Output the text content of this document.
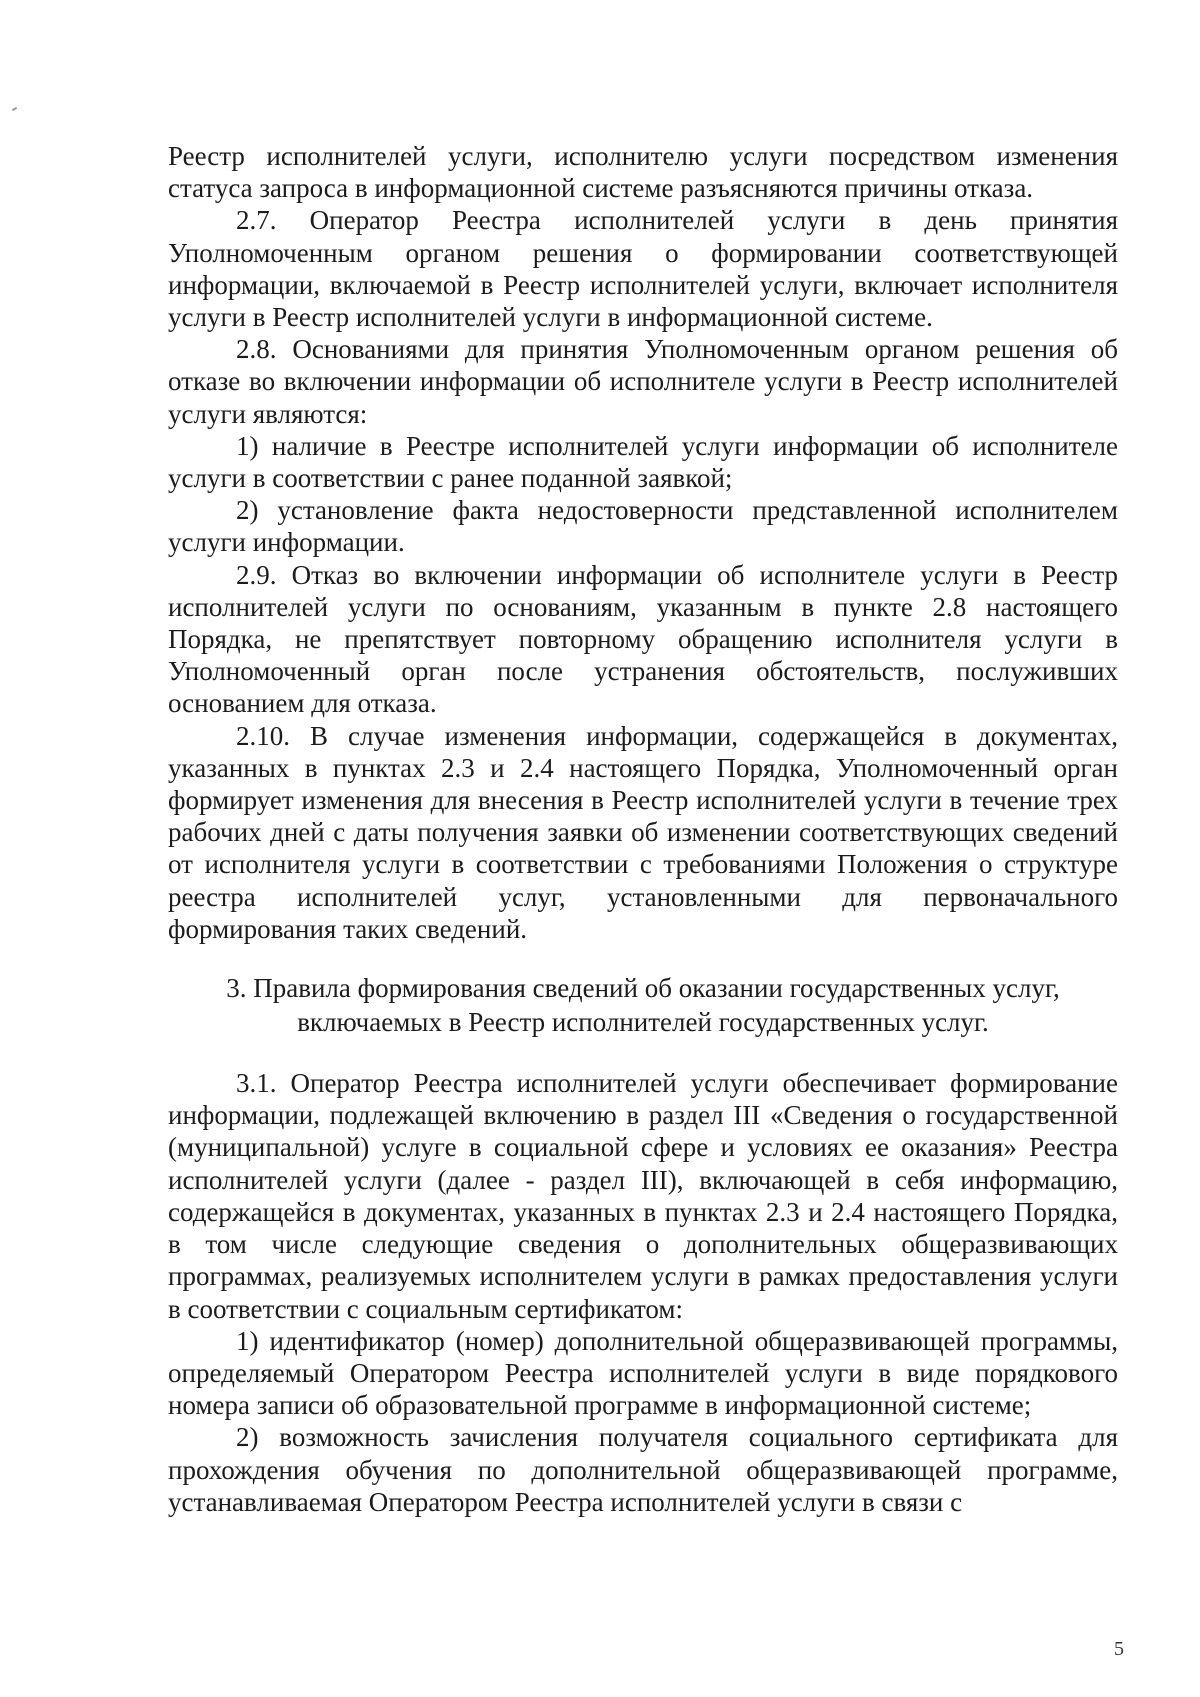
Реестр исполнителей услуги, исполнителю услуги посредством изменения статуса запроса в информационной системе разъясняются причины отказа.

2.7. Оператор Реестра исполнителей услуги в день принятия Уполномоченным органом решения о формировании соответствующей информации, включаемой в Реестр исполнителей услуги, включает исполнителя услуги в Реестр исполнителей услуги в информационной системе.

2.8. Основаниями для принятия Уполномоченным органом решения об отказе во включении информации об исполнителе услуги в Реестр исполнителей услуги являются:

1) наличие в Реестре исполнителей услуги информации об исполнителе услуги в соответствии с ранее поданной заявкой;

2) установление факта недостоверности представленной исполнителем услуги информации.

2.9. Отказ во включении информации об исполнителе услуги в Реестр исполнителей услуги по основаниям, указанным в пункте 2.8 настоящего Порядка, не препятствует повторному обращению исполнителя услуги в Уполномоченный орган после устранения обстоятельств, послуживших основанием для отказа.

2.10. В случае изменения информации, содержащейся в документах, указанных в пунктах 2.3 и 2.4 настоящего Порядка, Уполномоченный орган формирует изменения для внесения в Реестр исполнителей услуги в течение трех рабочих дней с даты получения заявки об изменении соответствующих сведений от исполнителя услуги в соответствии с требованиями Положения о структуре реестра исполнителей услуг, установленными для первоначального формирования таких сведений.

3. Правила формирования сведений об оказании государственных услуг,
включаемых в Реестр исполнителей государственных услуг.

3.1. Оператор Реестра исполнителей услуги обеспечивает формирование информации, подлежащей включению в раздел III «Сведения о государственной (муниципальной) услуге в социальной сфере и условиях ее оказания» Реестра исполнителей услуги (далее - раздел III), включающей в себя информацию, содержащейся в документах, указанных в пунктах 2.3 и 2.4 настоящего Порядка, в том числе следующие сведения о дополнительных общеразвивающих программах, реализуемых исполнителем услуги в рамках предоставления услуги в соответствии с социальным сертификатом:

1) идентификатор (номер) дополнительной общеразвивающей программы, определяемый Оператором Реестра исполнителей услуги в виде порядкового номера записи об образовательной программе в информационной системе;

2) возможность зачисления получателя социального сертификата для прохождения обучения по дополнительной общеразвивающей программе, устанавливаемая Оператором Реестра исполнителей услуги в связи с

5
